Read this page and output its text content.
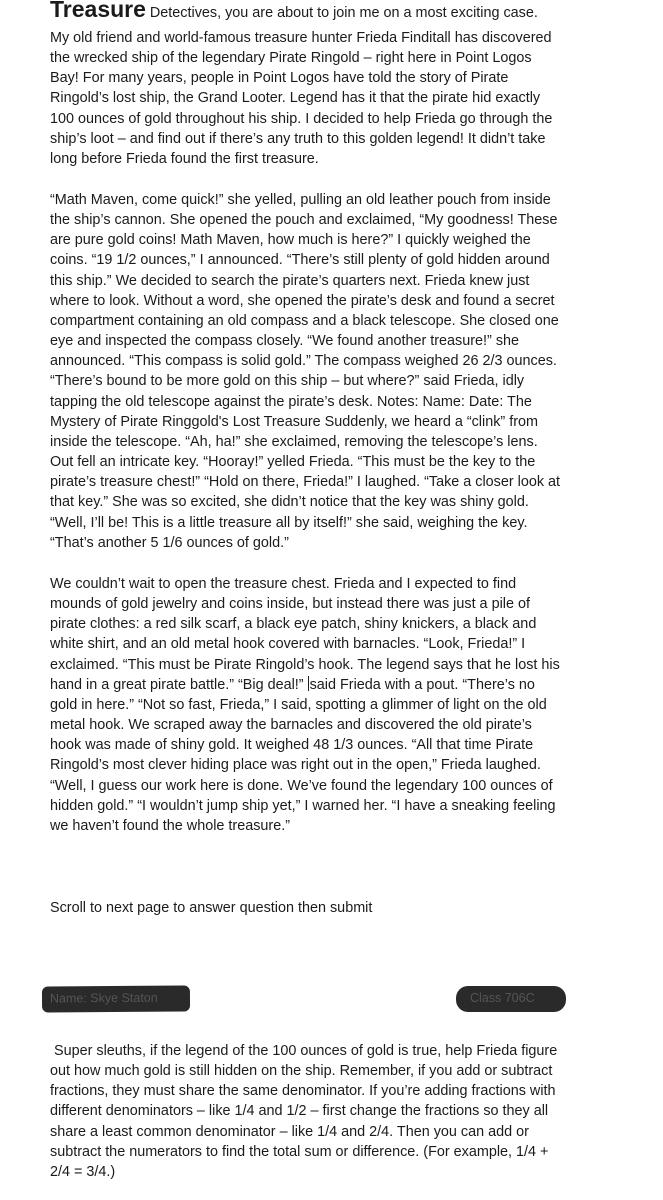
Treasure Detectives, you are about to join me on a most exciting case.
My old friend and world-famous treasure hunter Frieda Finditall has discovered
the wrecked ship of the legendary Pirate Ringold – right here in Point Logos
Bay! For many years, people in Point Logos have told the story of Pirate
Ringold’s lost ship, the Grand Looter. Legend has it that the pirate hid exactly
100 ounces of gold throughout his ship. I decided to help Frieda go through the
ship’s loot – and find out if there’s any truth to this golden legend! It didn’t take
long before Frieda found the first treasure.
“Math Maven, come quick!” she yelled, pulling an old leather pouch from inside
the ship’s cannon. She opened the pouch and exclaimed, “My goodness! These
are pure gold coins! Math Maven, how much is here?” I quickly weighed the
coins. “19 1/2 ounces,” I announced. “There’s still plenty of gold hidden around
this ship.” We decided to search the pirate’s quarters next. Frieda knew just
where to look. Without a word, she opened the pirate’s desk and found a secret
compartment containing an old compass and a black telescope. She closed one
eye and inspected the compass closely. “We found another treasure!” she
announced. “This compass is solid gold.” The compass weighed 26 2/3 ounces.
“There’s bound to be more gold on this ship – but where?” said Frieda, idly
tapping the old telescope against the pirate’s desk. Notes: Name: Date: The
Mystery of Pirate Ringgold's Lost Treasure Suddenly, we heard a “clink” from
inside the telescope. “Ah, ha!” she exclaimed, removing the telescope’s lens.
Out fell an intricate key. “Hooray!” yelled Frieda. “This must be the key to the
pirate’s treasure chest!” “Hold on there, Frieda!” I laughed. “Take a closer look at
that key.” She was so excited, she didn’t notice that the key was shiny gold.
“Well, I’ll be! This is a little treasure all by itself!” she said, weighing the key.
“That’s another 5 1/6 ounces of gold.”
We couldn’t wait to open the treasure chest. Frieda and I expected to find
mounds of gold jewelry and coins inside, but instead there was just a pile of
pirate clothes: a red silk scarf, a black eye patch, shiny knickers, a black and
white shirt, and an old metal hook covered with barnacles. “Look, Frieda!” I
exclaimed. “This must be Pirate Ringold’s hook. The legend says that he lost his
hand in a great pirate battle.” “Big deal!” said Frieda with a pout. “There’s no
gold in here.” “Not so fast, Frieda,” I said, spotting a glimmer of light on the old
metal hook. We scraped away the barnacles and discovered the old pirate’s
hook was made of shiny gold. It weighed 48 1/3 ounces. “All that time Pirate
Ringold’s most clever hiding place was right out in the open,” Frieda laughed.
“Well, I guess our work here is done. We’ve found the legendary 100 ounces of
hidden gold.” “I wouldn’t jump ship yet,” I warned her. “I have a sneaking feeling
we haven’t found the whole treasure.”
Scroll to next page to answer question then submit
Name: Skye Staton	Class 706C
Super sleuths, if the legend of the 100 ounces of gold is true, help Frieda figure
out how much gold is still hidden on the ship. Remember, if you add or subtract
fractions, they must share the same denominator. If you’re adding fractions with
different denominators – like 1/4 and 1/2 – first change the fractions so they all
share a least common denominator – like 1/4 and 2/4. Then you can add or
subtract the numerators to find the total sum or difference. (For example, 1/4 +
2/4 = 3/4.)
